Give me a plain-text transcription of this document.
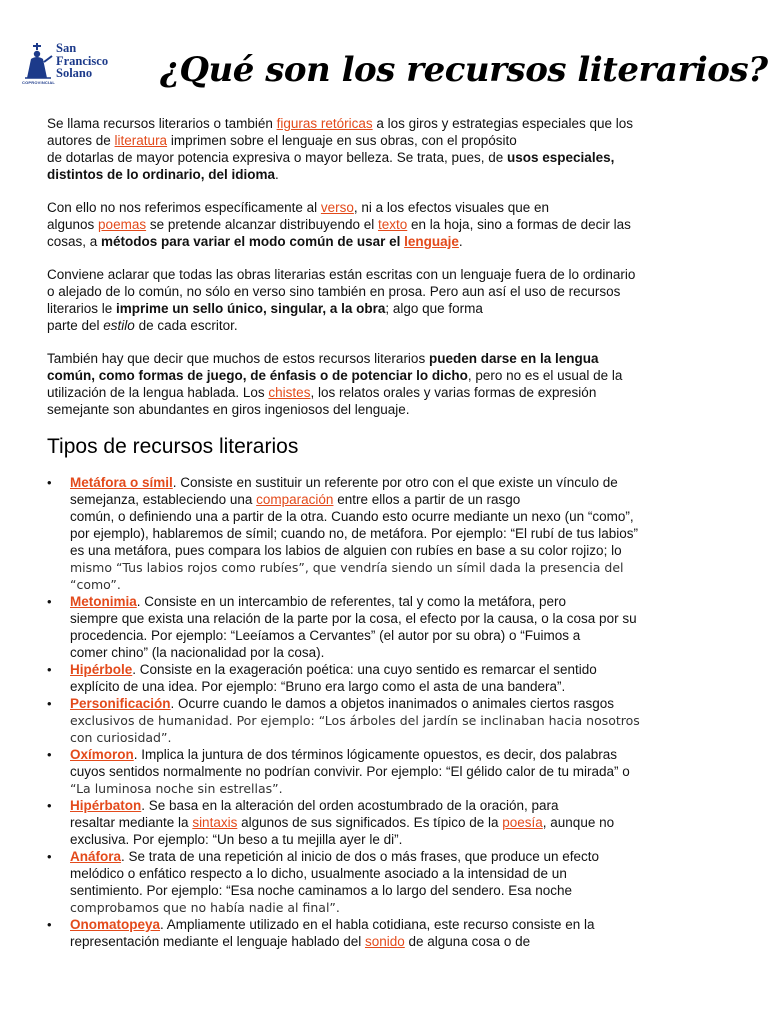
COPROVINCIAL
San
Francisco
Solano	¿Qué son los recursos literarios?

Se llama recursos literarios o también figuras retóricas a los giros y estrategias especiales que los
autores de literatura imprimen sobre el lenguaje en sus obras, con el propósito
de dotarlas de mayor potencia expresiva o mayor belleza. Se trata, pues, de usos especiales,
distintos de lo ordinario, del idioma.

Con ello no nos referimos específicamente al verso, ni a los efectos visuales que en
algunos poemas se pretende alcanzar distribuyendo el texto en la hoja, sino a formas de decir las
cosas, a métodos para variar el modo común de usar el lenguaje.

Conviene aclarar que todas las obras literarias están escritas con un lenguaje fuera de lo ordinario
o alejado de lo común, no sólo en verso sino también en prosa. Pero aun así el uso de recursos
literarios le imprime un sello único, singular, a la obra; algo que forma
parte del estilo de cada escritor.

También hay que decir que muchos de estos recursos literarios pueden darse en la lengua
común, como formas de juego, de énfasis o de potenciar lo dicho, pero no es el usual de la
utilización de la lengua hablada. Los chistes, los relatos orales y varias formas de expresión
semejante son abundantes en giros ingeniosos del lenguaje.

Tipos de recursos literarios
• Metáfora o símil. Consiste en sustituir un referente por otro con el que existe un vínculo de
semejanza, estableciendo una comparación entre ellos a partir de un rasgo
común, o definiendo una a partir de la otra. Cuando esto ocurre mediante un nexo (un “como”,
por ejemplo), hablaremos de símil; cuando no, de metáfora. Por ejemplo: “El rubí de tus labios”
es una metáfora, pues compara los labios de alguien con rubíes en base a su color rojizo; lo
mismo “Tus labios rojos como rubíes”, que vendría siendo un símil dada la presencia del
“como”.
• Metonimia. Consiste en un intercambio de referentes, tal y como la metáfora, pero
siempre que exista una relación de la parte por la cosa, el efecto por la causa, o la cosa por su
procedencia. Por ejemplo: “Leeíamos a Cervantes” (el autor por su obra) o “Fuimos a
comer chino” (la nacionalidad por la cosa).
• Hipérbole. Consiste en la exageración poética: una cuyo sentido es remarcar el sentido
explícito de una idea. Por ejemplo: “Bruno era largo como el asta de una bandera”.
• Personificación. Ocurre cuando le damos a objetos inanimados o animales ciertos rasgos
exclusivos de humanidad. Por ejemplo: “Los árboles del jardín se inclinaban hacia nosotros
con curiosidad”.
• Oxímoron. Implica la juntura de dos términos lógicamente opuestos, es decir, dos palabras
cuyos sentidos normalmente no podrían convivir. Por ejemplo: “El gélido calor de tu mirada” o
“La luminosa noche sin estrellas”.
• Hipérbaton. Se basa en la alteración del orden acostumbrado de la oración, para
resaltar mediante la sintaxis algunos de sus significados. Es típico de la poesía, aunque no
exclusiva. Por ejemplo: “Un beso a tu mejilla ayer le di”.
• Anáfora. Se trata de una repetición al inicio de dos o más frases, que produce un efecto
melódico o enfático respecto a lo dicho, usualmente asociado a la intensidad de un
sentimiento. Por ejemplo: “Esa noche caminamos a lo largo del sendero. Esa noche
comprobamos que no había nadie al final”.
• Onomatopeya. Ampliamente utilizado en el habla cotidiana, este recurso consiste en la
representación mediante el lenguaje hablado del sonido de alguna cosa o de
